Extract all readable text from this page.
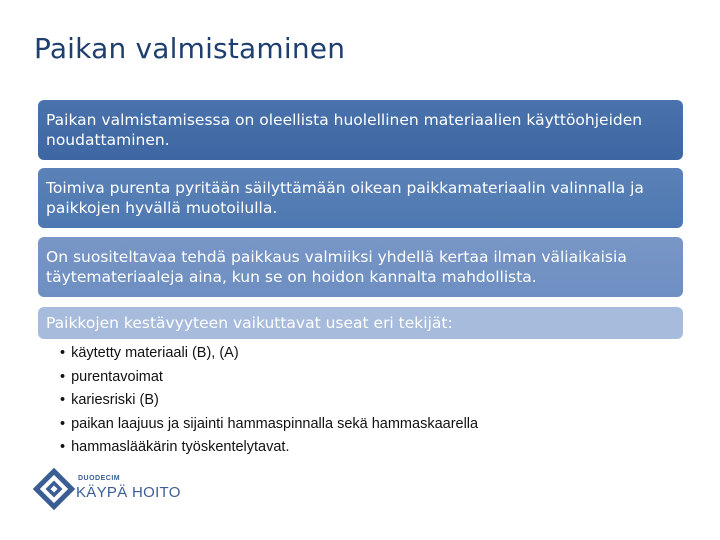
Paikan valmistaminen
Paikan valmistamisessa on oleellista huolellinen materiaalien käyttöohjeiden noudattaminen.
Toimiva purenta pyritään säilyttämään oikean paikkamateriaalin valinnalla ja paikkojen hyvällä muotoilulla.
On suositeltavaa tehdä paikkaus valmiiksi yhdellä kertaa ilman väliaikaisia täytemateriaaleja aina, kun se on hoidon kannalta mahdollista.
Paikkojen kestävyyteen vaikuttavat useat eri tekijät:
• käytetty materiaali (B), (A)
• purentavoimat
• kariesriski (B)
• paikan laajuus ja sijainti hammaspinnalla sekä hammaskaarella
• hammaslääkärin työskentelytavat.
DUODECIM
KÄYPÄ HOITO
